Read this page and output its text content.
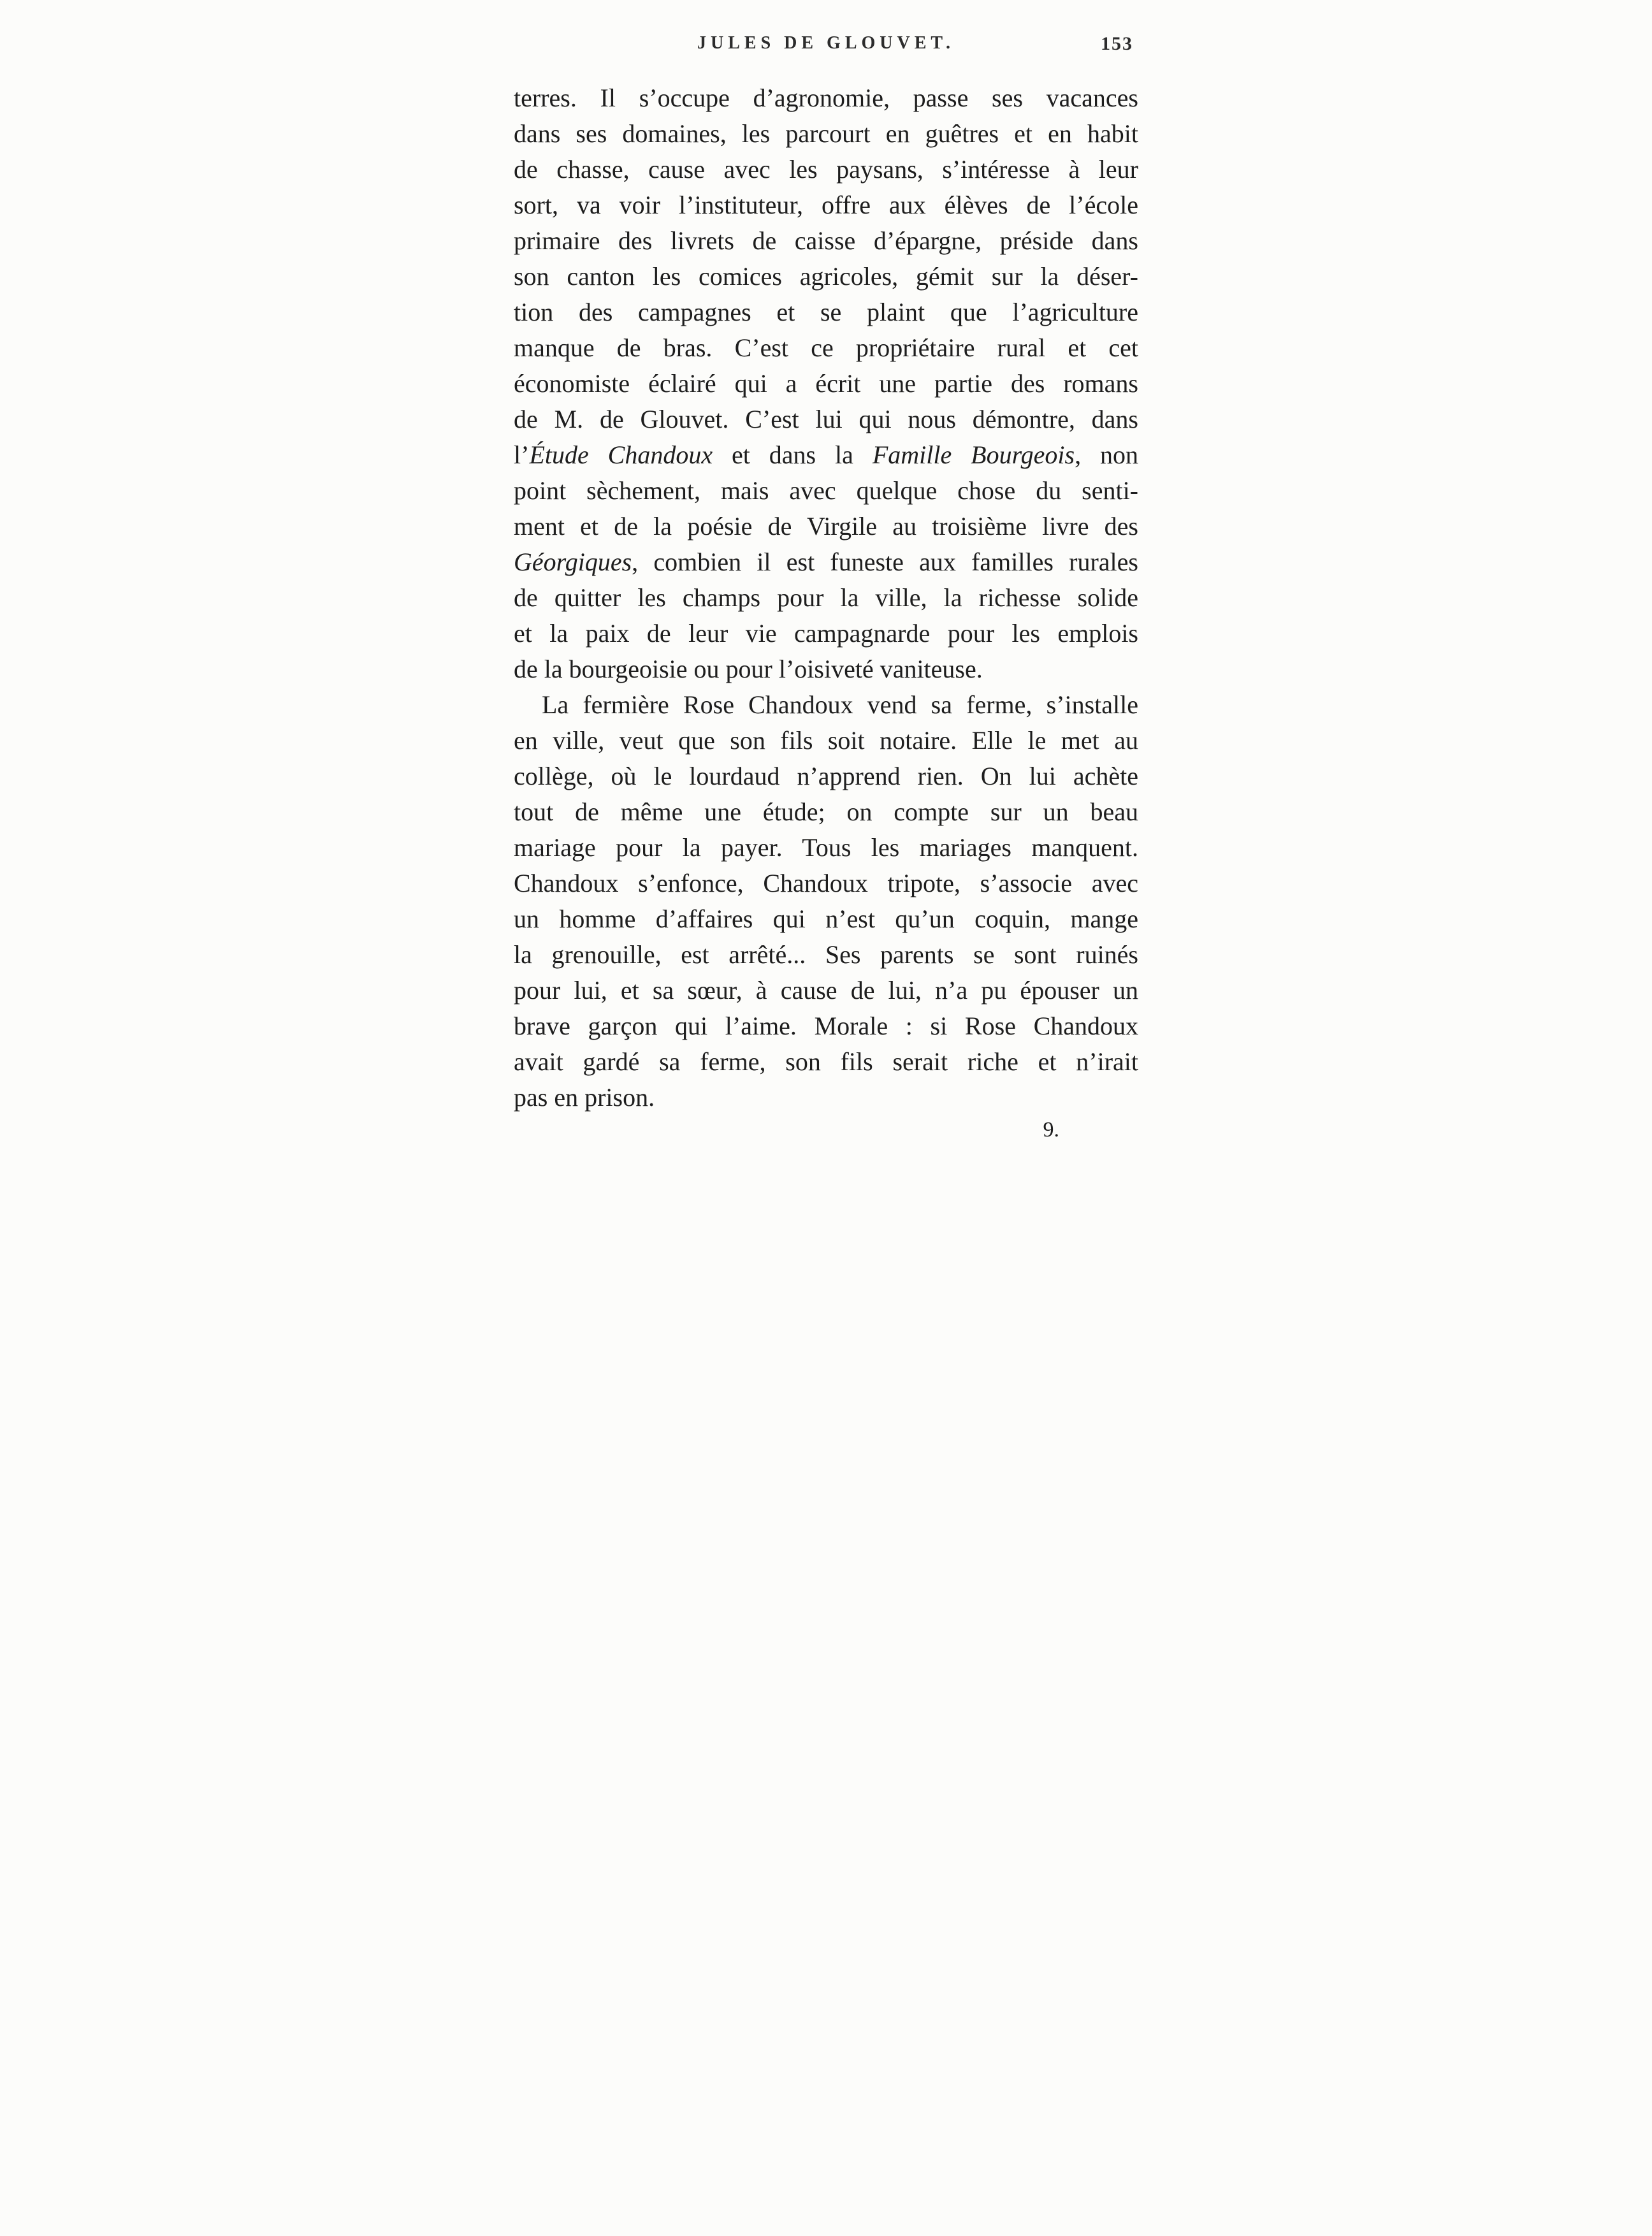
JULES DE GLOUVET.	153
terres. Il s’occupe d’agronomie, passe ses vacances
dans ses domaines, les parcourt en guêtres et en habit
de chasse, cause avec les paysans, s’intéresse à leur
sort, va voir l’instituteur, offre aux élèves de l’école
primaire des livrets de caisse d’épargne, préside dans
son canton les comices agricoles, gémit sur la déser-
tion des campagnes et se plaint que l’agriculture
manque de bras. C’est ce propriétaire rural et cet
économiste éclairé qui a écrit une partie des romans
de M. de Glouvet. C’est lui qui nous démontre, dans
l’Étude Chandoux et dans la Famille Bourgeois, non
point sèchement, mais avec quelque chose du senti-
ment et de la poésie de Virgile au troisième livre des
Géorgiques, combien il est funeste aux familles rurales
de quitter les champs pour la ville, la richesse solide
et la paix de leur vie campagnarde pour les emplois
de la bourgeoisie ou pour l’oisiveté vaniteuse.
La fermière Rose Chandoux vend sa ferme, s’installe
en ville, veut que son fils soit notaire. Elle le met au
collège, où le lourdaud n’apprend rien. On lui achète
tout de même une étude; on compte sur un beau
mariage pour la payer. Tous les mariages manquent.
Chandoux s’enfonce, Chandoux tripote, s’associe avec
un homme d’affaires qui n’est qu’un coquin, mange
la grenouille, est arrêté... Ses parents se sont ruinés
pour lui, et sa sœur, à cause de lui, n’a pu épouser un
brave garçon qui l’aime. Morale : si Rose Chandoux
avait gardé sa ferme, son fils serait riche et n’irait
pas en prison.
9.
